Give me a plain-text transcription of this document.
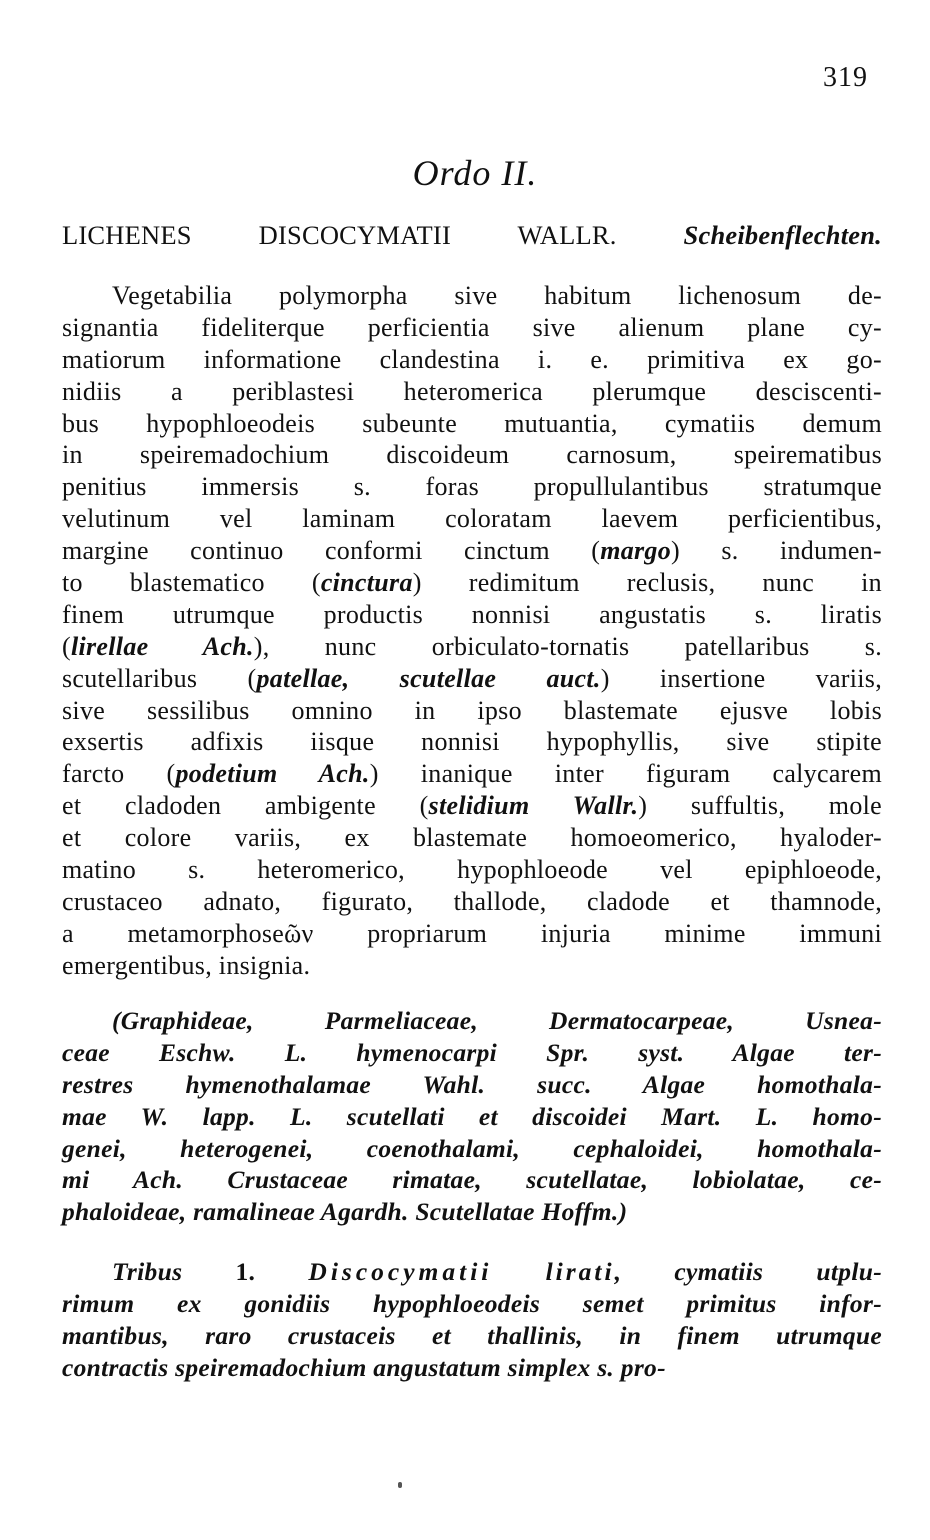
319
Ordo II.
LICHENES DISCOCYMATII WALLR.	Scheibenflechten.
Vegetabilia polymorpha sive habitum lichenosum de-
signantia fideliterque perficientia sive alienum plane cy-
matiorum informatione clandestina i. e. primitiva ex go-
nidiis a periblastesi heteromerica plerumque desciscenti-
bus hypophloeodeis subeunte mutuantia, cymatiis demum
in speiremadochium discoideum carnosum, speirematibus
penitius immersis s. foras propullulantibus stratumque
velutinum vel laminam coloratam laevem perficientibus,
margine continuo conformi cinctum (margo) s. indumen-
to blastematico (cinctura) redimitum reclusis, nunc in
finem utrumque productis nonnisi angustatis s. liratis
(lirellae Ach.), nunc orbiculato-tornatis patellaribus s.
scutellaribus (patellae, scutellae auct.) insertione variis,
sive sessilibus omnino in ipso blastemate ejusve lobis
exsertis adfixis iisque nonnisi hypophyllis, sive stipite
farcto (podetium Ach.) inanique inter figuram calycarem
et cladoden ambigente (stelidium Wallr.) suffultis, mole
et colore variis, ex blastemate homoeomerico, hyaloder-
matino s. heteromerico, hypophloeode vel epiphloeode,
crustaceo adnato, figurato, thallode, cladode et thamnode,
a metamorphoseῶν propriarum injuria minime immuni
emergentibus, insignia.
(Graphideae, Parmeliaceae, Dermatocarpeae, Usnea-
ceae Eschw. L. hymenocarpi Spr. syst. Algae ter-
restres hymenothalamae Wahl. succ. Algae homothala-
mae W. lapp. L. scutellati et discoidei Mart. L. homo-
genei, heterogenei, coenothalami, cephaloidei, homothala-
mi Ach. Crustaceae rimatae, scutellatae, lobiolatae, ce-
phaloideae, ramalineae Agardh. Scutellatae Hoffm.)
Tribus 1. Discocymatii lirati, cymatiis utplu-
rimum ex gonidiis hypophloeodeis semet primitus infor-
mantibus, raro crustaceis et thallinis, in finem utrumque
contractis speiremadochium angustatum simplex s. pro-
